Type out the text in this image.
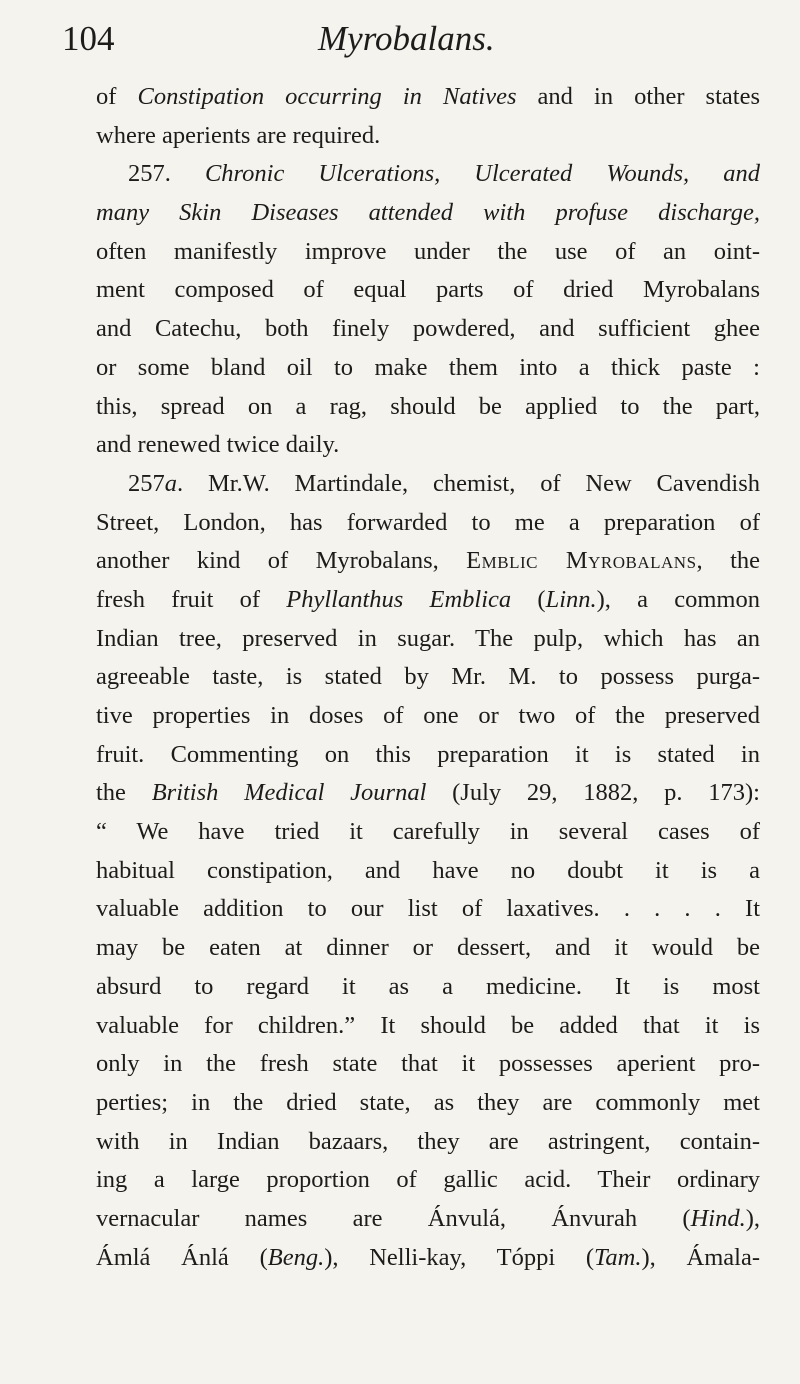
104	Myrobalans.
of Constipation occurring in Natives and in other states
where aperients are required.
257. Chronic Ulcerations, Ulcerated Wounds, and
many Skin Diseases attended with profuse discharge,
often manifestly improve under the use of an oint-
ment composed of equal parts of dried Myrobalans
and Catechu, both finely powdered, and sufficient ghee
or some bland oil to make them into a thick paste :
this, spread on a rag, should be applied to the part,
and renewed twice daily.
257a. Mr.W. Martindale, chemist, of New Cavendish
Street, London, has forwarded to me a preparation of
another kind of Myrobalans, Emblic Myrobalans, the
fresh fruit of Phyllanthus Emblica (Linn.), a common
Indian tree, preserved in sugar. The pulp, which has an
agreeable taste, is stated by Mr. M. to possess purga-
tive properties in doses of one or two of the preserved
fruit. Commenting on this preparation it is stated in
the British Medical Journal (July 29, 1882, p. 173):
“ We have tried it carefully in several cases of
habitual constipation, and have no doubt it is a
valuable addition to our list of laxatives. . . . . It
may be eaten at dinner or dessert, and it would be
absurd to regard it as a medicine. It is most
valuable for children.” It should be added that it is
only in the fresh state that it possesses aperient pro-
perties; in the dried state, as they are commonly met
with in Indian bazaars, they are astringent, contain-
ing a large proportion of gallic acid. Their ordinary
vernacular names are Ánvulá, Ánvurah (Hind.),
Ámlá Ánlá (Beng.), Nelli-kay, Tóppi (Tam.), Ámala-
